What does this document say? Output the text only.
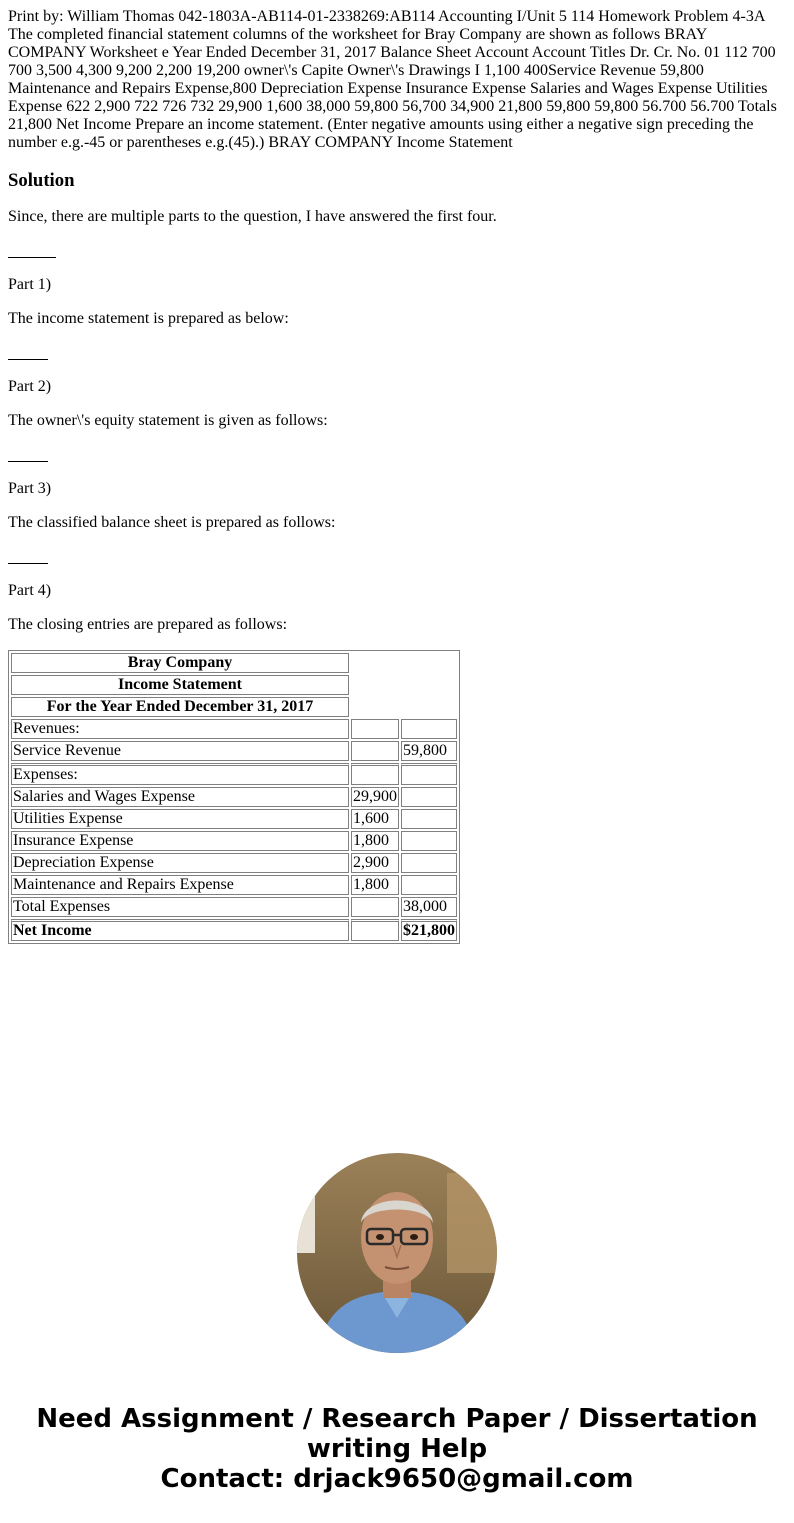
Print by: William Thomas 042-1803A-AB114-01-2338269:AB114 Accounting I/Unit 5 114 Homework Problem 4-3A The completed financial statement columns of the worksheet for Bray Company are shown as follows BRAY COMPANY Worksheet e Year Ended December 31, 2017 Balance Sheet Account Account Titles Dr. Cr. No. 01 112 700 700 3,500 4,300 9,200 2,200 19,200 owner\'s Capite Owner\'s Drawings I 1,100 400Service Revenue 59,800 Maintenance and Repairs Expense,800 Depreciation Expense Insurance Expense Salaries and Wages Expense Utilities Expense 622 2,900 722 726 732 29,900 1,600 38,000 59,800 56,700 34,900 21,800 59,800 59,800 56.700 56.700 Totals 21,800 Net Income Prepare an income statement. (Enter negative amounts using either a negative sign preceding the number e.g.-45 or parentheses e.g.(45).) BRAY COMPANY Income Statement

Solution

Since, there are multiple parts to the question, I have answered the first four.

Part 1)

The income statement is prepared as below:

Part 2)

The owner\'s equity statement is given as follows:

Part 3)

The classified balance sheet is prepared as follows:

Part 4)

The closing entries are prepared as follows:

Bray Company		
Income Statement		
For the Year Ended December 31, 2017		
Revenues:		
Service Revenue		59,800
Expenses:		
Salaries and Wages Expense	29,900	
Utilities Expense	1,600	
Insurance Expense	1,800	
Depreciation Expense	2,900	
Maintenance and Repairs Expense	1,800	
Total Expenses		38,000
Net Income		$21,800
Need Assignment / Research Paper / Dissertation
writing Help
Contact: drjack9650@gmail.com
